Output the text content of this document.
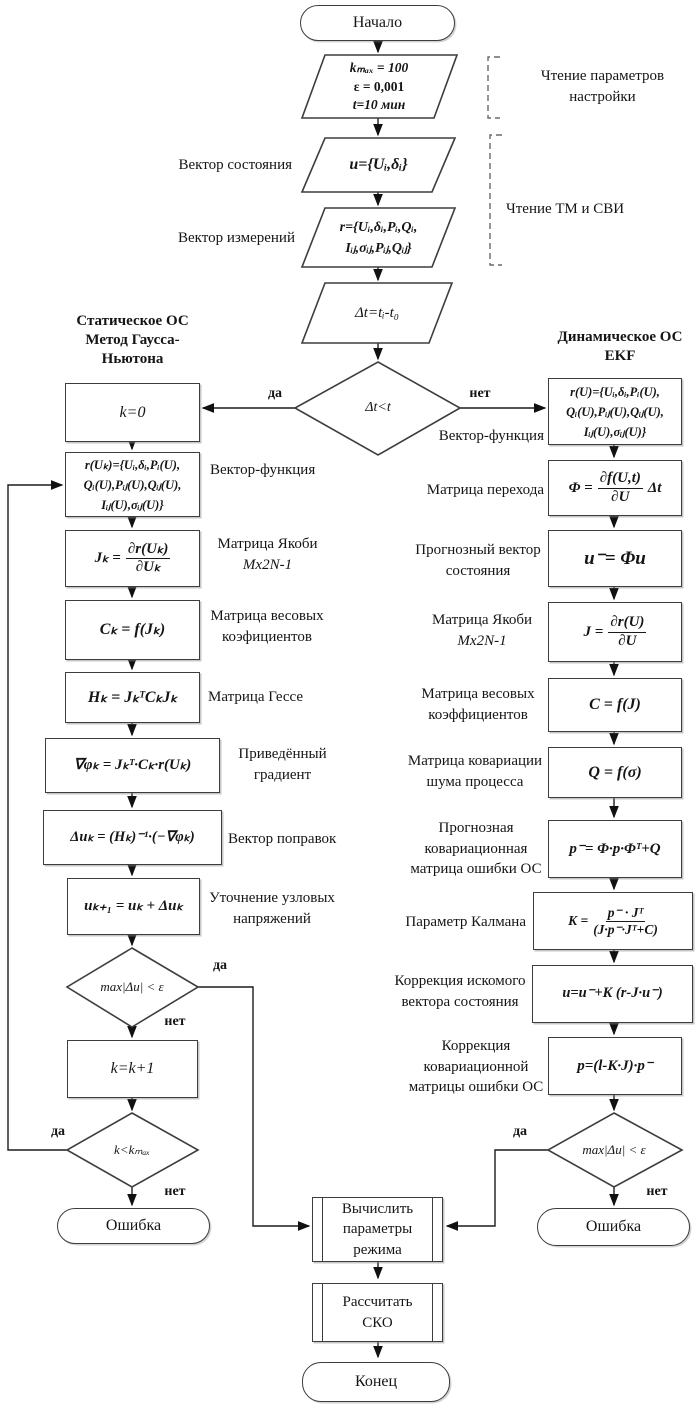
Начало
kₘₐₓ = 100
ε = 0,001
t=10 мин
Чтение параметров
настройки
Вектор состояния	u={Uᵢ,δᵢ}
Вектор измерений
r={Uᵢ,δᵢ,Pᵢ,Qᵢ,
Iᵢⱼ,σᵢⱼ,Pᵢⱼ,Qᵢⱼ}
Чтение ТМ и СВИ
Δt=tᵢ-t₀
Δt<t
да	нет
Статическое ОС
Метод Гаусса-
Ньютона
k=0
r(Uₖ)={Uᵢ,δᵢ,Pᵢ(U),
Qᵢ(U),Pᵢⱼ(U),Qᵢⱼ(U),
Iᵢⱼ(U),σᵢⱼ(U)}
Вектор-функция
$J_k = \frac{\text{∂r(Uₖ)}}{\text{∂Uₖ}}$	Матрица Якоби
Mx2N-1
Cₖ = f(Jₖ)
Матрица весовых
коэфициентов
Hₖ = JₖᵀCₖJₖ	Матрица Гессе
∇φₖ = Jₖᵀ·Cₖ·r(Uₖ)
Приведённый
градиент
Δuₖ = (Hₖ)⁻¹·(−∇φₖ)	Вектор поправок
uₖ₊₁ = uₖ + Δuₖ
Уточнение узловых
напряжений
max|Δu| < ε
да
нет
k=k+1
k<kₘₐₓ
да
нет
Ошибка
Динамическое ОС
EKF
r(U)={Uᵢ,δᵢ,Pᵢ(U),
Qᵢ(U),Pᵢⱼ(U),Qᵢⱼ(U),
Iᵢⱼ(U),σᵢⱼ(U)}
Вектор-функция
$\Phi = \frac{\partial f(U,t)}{\partial U}$ Δt
Матрица перехода
u⁻= Φu
Прогнозный вектор
состояния
$J = \frac{\partial r(U)}{\partial U}$
Матрица Якоби
Mx2N-1
C = f(J)
Матрица весовых
коэффициентов
Q = f(σ)
Матрица ковариации
шума процесса
p⁻= Φ·p·Φᵀ+Q
Прогнозная
ковариационная
матрица ошибки ОС
$K = \frac{\text{p⁻ · Jᵀ}}{\text{(J·p⁻·Jᵀ+C)}}$
Параметр Калмана
u=u⁻+K (r-J·u⁻)
Коррекция искомого
вектора состояния
p=(l-K·J)·p⁻
Коррекция
ковариационной
матрицы ошибки ОС
max|Δu| < ε
да
нет
Ошибка
Вычислить
параметры
режима
Рассчитать
СКО
Конец
